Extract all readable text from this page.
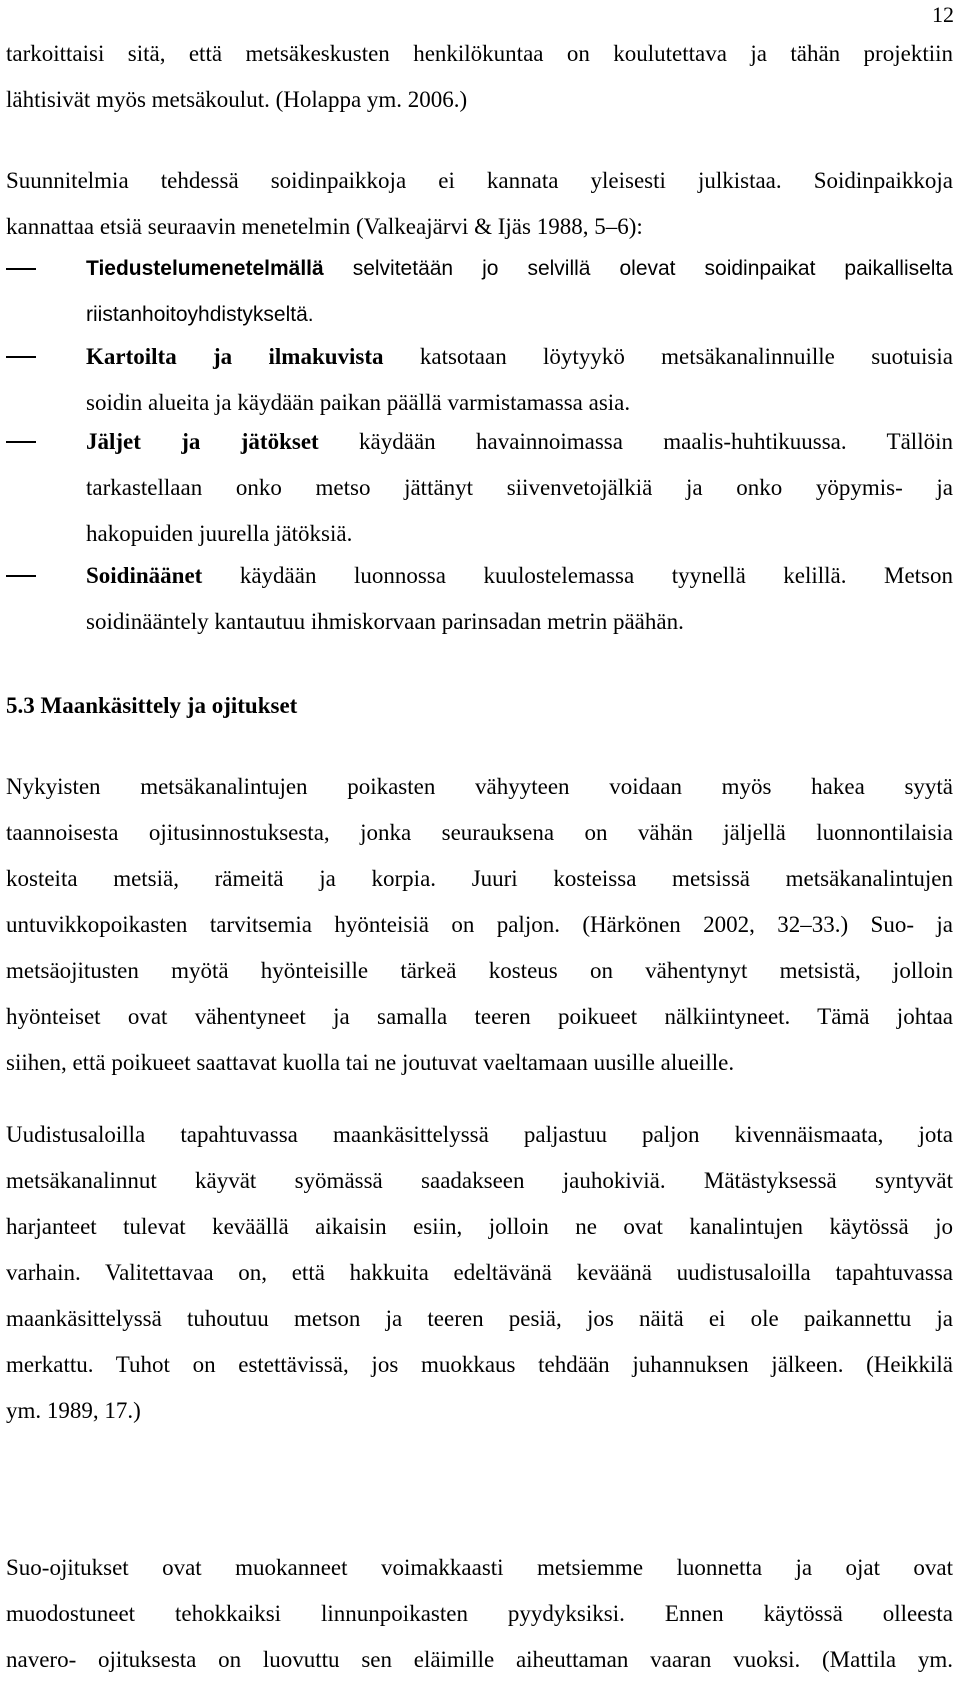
12
tarkoittaisi sitä, että metsäkeskusten henkilökuntaa on koulutettava ja tähän projektiin
lähtisivät myös metsäkoulut. (Holappa ym. 2006.)
Suunnitelmia tehdessä soidinpaikkoja ei kannata yleisesti julkistaa. Soidinpaikkoja
kannattaa etsiä seuraavin menetelmin (Valkeajärvi & Ijäs 1988, 5–6):
Tiedustelumenetelmällä selvitetään jo selvillä olevat soidinpaikat paikalliselta
riistanhoitoyhdistykseltä.
Kartoilta ja ilmakuvista katsotaan löytyykö metsäkanalinnuille suotuisia
soidin alueita ja käydään paikan päällä varmistamassa asia.
Jäljet ja jätökset käydään havainnoimassa maalis-huhtikuussa. Tällöin
tarkastellaan onko metso jättänyt siivenvetojälkiä ja onko yöpymis- ja
hakopuiden juurella jätöksiä.
Soidinäänet käydään luonnossa kuulostelemassa tyynellä kelillä. Metson
soidinääntely kantautuu ihmiskorvaan parinsadan metrin päähän.
5.3 Maankäsittely ja ojitukset
Nykyisten metsäkanalintujen poikasten vähyyteen voidaan myös hakea syytä
taannoisesta ojitusinnostuksesta, jonka seurauksena on vähän jäljellä luonnontilaisia
kosteita metsiä, rämeitä ja korpia. Juuri kosteissa metsissä metsäkanalintujen
untuvikkopoikasten tarvitsemia hyönteisiä on paljon. (Härkönen 2002, 32–33.) Suo- ja
metsäojitusten myötä hyönteisille tärkeä kosteus on vähentynyt metsistä, jolloin
hyönteiset ovat vähentyneet ja samalla teeren poikueet nälkiintyneet. Tämä johtaa
siihen, että poikueet saattavat kuolla tai ne joutuvat vaeltamaan uusille alueille.
Uudistusaloilla tapahtuvassa maankäsittelyssä paljastuu paljon kivennäismaata, jota
metsäkanalinnut käyvät syömässä saadakseen jauhokiviä. Mätästyksessä syntyvät
harjanteet tulevat keväällä aikaisin esiin, jolloin ne ovat kanalintujen käytössä jo
varhain. Valitettavaa on, että hakkuita edeltävänä keväänä uudistusaloilla tapahtuvassa
maankäsittelyssä tuhoutuu metson ja teeren pesiä, jos näitä ei ole paikannettu ja
merkattu. Tuhot on estettävissä, jos muokkaus tehdään juhannuksen jälkeen. (Heikkilä
ym. 1989, 17.)
Suo-ojitukset ovat muokanneet voimakkaasti metsiemme luonnetta ja ojat ovat
muodostuneet tehokkaiksi linnunpoikasten pyydyksiksi. Ennen käytössä olleesta
navero- ojituksesta on luovuttu sen eläimille aiheuttaman vaaran vuoksi. (Mattila ym.
